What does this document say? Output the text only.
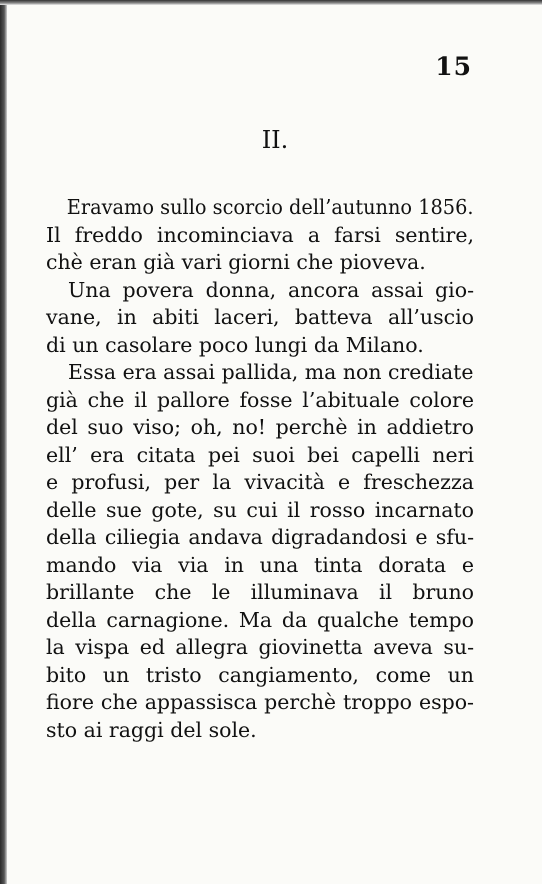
15
II.
Eravamo sullo scorcio dell’autunno 1856.
Il freddo incominciava a farsi sentire,
chè eran già vari giorni che pioveva.
Una povera donna, ancora assai gio-
vane, in abiti laceri, batteva all’uscio
di un casolare poco lungi da Milano.
Essa era assai pallida, ma non crediate
già che il pallore fosse l’abituale colore
del suo viso; oh, no! perchè in addietro
ell’ era citata pei suoi bei capelli neri
e profusi, per la vivacità e freschezza
delle sue gote, su cui il rosso incarnato
della ciliegia andava digradandosi e sfu-
mando via via in una tinta dorata e
brillante che le illuminava il bruno
della carnagione. Ma da qualche tempo
la vispa ed allegra giovinetta aveva su-
bito un tristo cangiamento, come un
fiore che appassisca perchè troppo espo-
sto ai raggi del sole.
